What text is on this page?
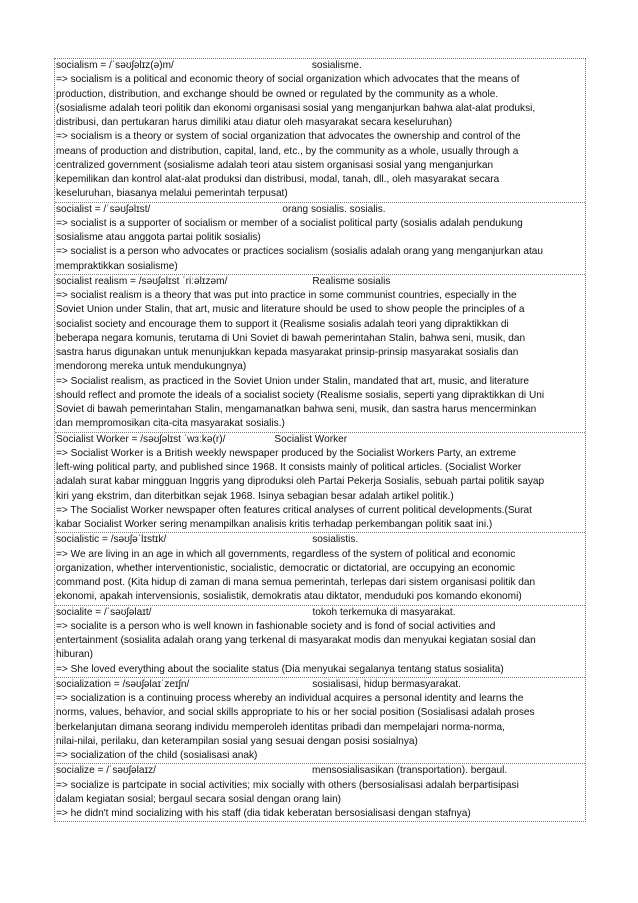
socialism = /ˈsəʊʃəlɪz(ə)m/	sosialisme.
=> socialism is a political and economic theory of social organization which advocates that the means of
production, distribution, and exchange should be owned or regulated by the community as a whole.
(sosialisme adalah teori politik dan ekonomi organisasi sosial yang menganjurkan bahwa alat-alat produksi,
distribusi, dan pertukaran harus dimiliki atau diatur oleh masyarakat secara keseluruhan)
=> socialism is a theory or system of social organization that advocates the ownership and control of the
means of production and distribution, capital, land, etc., by the community as a whole, usually through a
centralized government (sosialisme adalah teori atau sistem organisasi sosial yang menganjurkan
kepemilikan dan kontrol alat-alat produksi dan distribusi, modal, tanah, dll., oleh masyarakat secara
keseluruhan, biasanya melalui pemerintah terpusat)
socialist = /ˈsəʊʃəlɪst/	orang sosialis. sosialis.
=> socialist is a supporter of socialism or member of a socialist political party (sosialis adalah pendukung
sosialisme atau anggota partai politik sosialis)
=> socialist is a person who advocates or practices socialism (sosialis adalah orang yang menganjurkan atau
mempraktikkan sosialisme)
socialist realism = /səʊʃəlɪst ˈriːəlɪzəm/	Realisme sosialis
=> socialist realism is a theory that was put into practice in some communist countries, especially in the
Soviet Union under Stalin, that art, music and literature should be used to show people the principles of a
socialist society and encourage them to support it (Realisme sosialis adalah teori yang dipraktikkan di
beberapa negara komunis, terutama di Uni Soviet di bawah pemerintahan Stalin, bahwa seni, musik, dan
sastra harus digunakan untuk menunjukkan kepada masyarakat prinsip-prinsip masyarakat sosialis dan
mendorong mereka untuk mendukungnya)
=> Socialist realism, as practiced in the Soviet Union under Stalin, mandated that art, music, and literature
should reflect and promote the ideals of a socialist society (Realisme sosialis, seperti yang dipraktikkan di Uni
Soviet di bawah pemerintahan Stalin, mengamanatkan bahwa seni, musik, dan sastra harus mencerminkan
dan mempromosikan cita-cita masyarakat sosialis.)
Socialist Worker = /səʊʃəlɪst ˈwɜːkə(r)/	Socialist Worker
=> Socialist Worker is a British weekly newspaper produced by the Socialist Workers Party, an extreme
left-wing political party, and published since 1968. It consists mainly of political articles. (Socialist Worker
adalah surat kabar mingguan Inggris yang diproduksi oleh Partai Pekerja Sosialis, sebuah partai politik sayap
kiri yang ekstrim, dan diterbitkan sejak 1968. Isinya sebagian besar adalah artikel politik.)
=> The Socialist Worker newspaper often features critical analyses of current political developments.(Surat
kabar Socialist Worker sering menampilkan analisis kritis terhadap perkembangan politik saat ini.)
socialistic = /səʊʃəˈlɪstɪk/	sosialistis.
=> We are living in an age in which all governments, regardless of the system of political and economic
organization, whether interventionistic, socialistic, democratic or dictatorial, are occupying an economic
command post. (Kita hidup di zaman di mana semua pemerintah, terlepas dari sistem organisasi politik dan
ekonomi, apakah intervensionis, sosialistik, demokratis atau diktator, menduduki pos komando ekonomi)
socialite = /ˈsəʊʃəlaɪt/	tokoh terkemuka di masyarakat.
=> socialite is a person who is well known in fashionable society and is fond of social activities and
entertainment (sosialita adalah orang yang terkenal di masyarakat modis dan menyukai kegiatan sosial dan
hiburan)
=> She loved everything about the socialite status (Dia menyukai segalanya tentang status sosialita)
socialization = /səʊʃəlaɪˈzeɪʃn/	sosialisasi, hidup bermasyarakat.
=> socialization is a continuing process whereby an individual acquires a personal identity and learns the
norms, values, behavior, and social skills appropriate to his or her social position (Sosialisasi adalah proses
berkelanjutan dimana seorang individu memperoleh identitas pribadi dan mempelajari norma-norma,
nilai-nilai, perilaku, dan keterampilan sosial yang sesuai dengan posisi sosialnya)
=> socialization of the child (sosialisasi anak)
socialize = /ˈsəʊʃəlaɪz/	mensosialisasikan (transportation). bergaul.
=> socialize is partcipate in social activities; mix socially with others (bersosialisasi adalah berpartisipasi
dalam kegiatan sosial; bergaul secara sosial dengan orang lain)
=> he didn't mind socializing with his staff (dia tidak keberatan bersosialisasi dengan stafnya)
